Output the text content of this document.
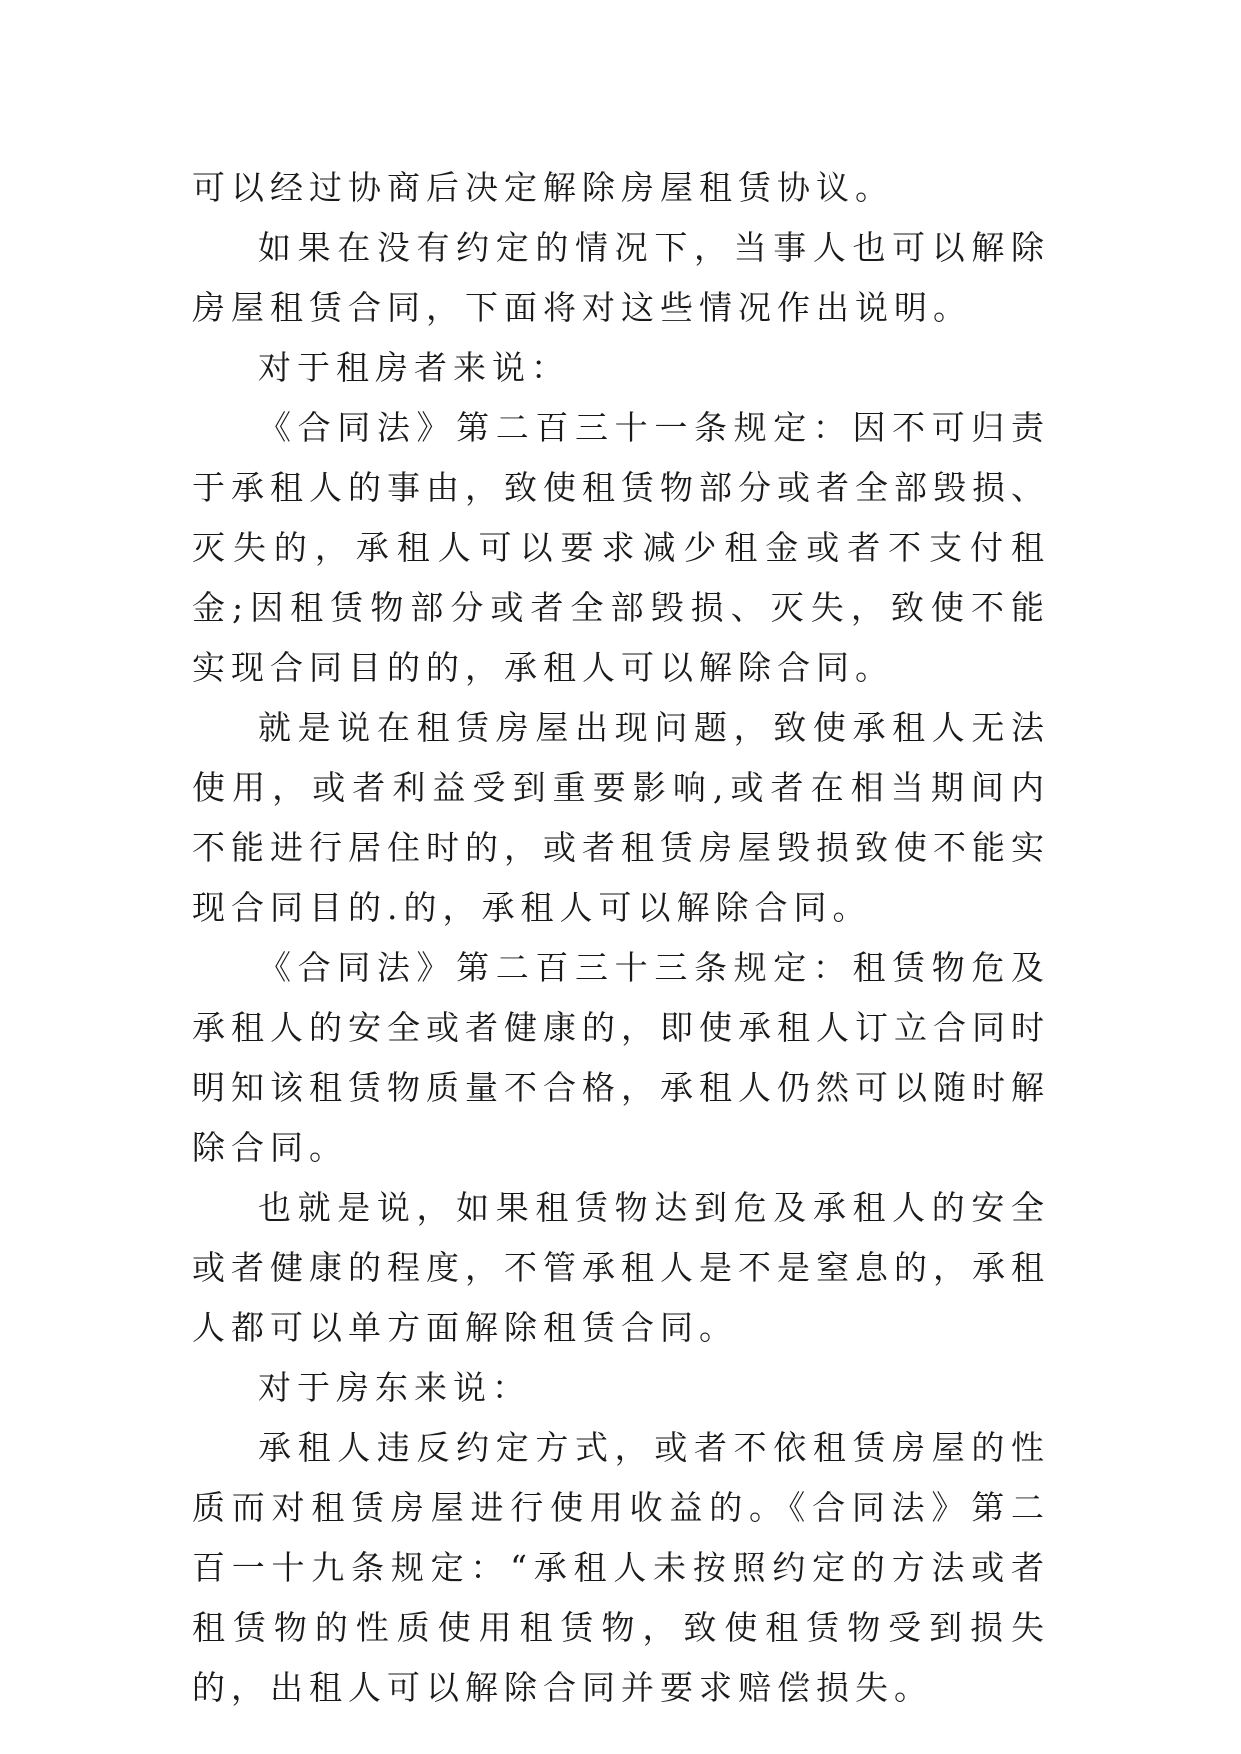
可以经过协商后决定解除房屋租赁协议。

如果在没有约定的情况下，当事人也可以解除房屋租赁合同，下面将对这些情况作出说明。

对于租房者来说：

《合同法》第二百三十一条规定：因不可归责于承租人的事由，致使租赁物部分或者全部毁损、灭失的，承租人可以要求减少租金或者不支付租金;因租赁物部分或者全部毁损、灭失，致使不能实现合同目的的，承租人可以解除合同。

就是说在租赁房屋出现问题，致使承租人无法使用，或者利益受到重要影响,或者在相当期间内不能进行居住时的，或者租赁房屋毁损致使不能实现合同目的.的，承租人可以解除合同。

《合同法》第二百三十三条规定：租赁物危及承租人的安全或者健康的，即使承租人订立合同时明知该租赁物质量不合格，承租人仍然可以随时解除合同。

也就是说，如果租赁物达到危及承租人的安全或者健康的程度，不管承租人是不是窒息的，承租人都可以单方面解除租赁合同。

对于房东来说：

承租人违反约定方式，或者不依租赁房屋的性质而对租赁房屋进行使用收益的。《合同法》第二百一十九条规定：“承租人未按照约定的方法或者租赁物的性质使用租赁物，致使租赁物受到损失的，出租人可以解除合同并要求赔偿损失。
